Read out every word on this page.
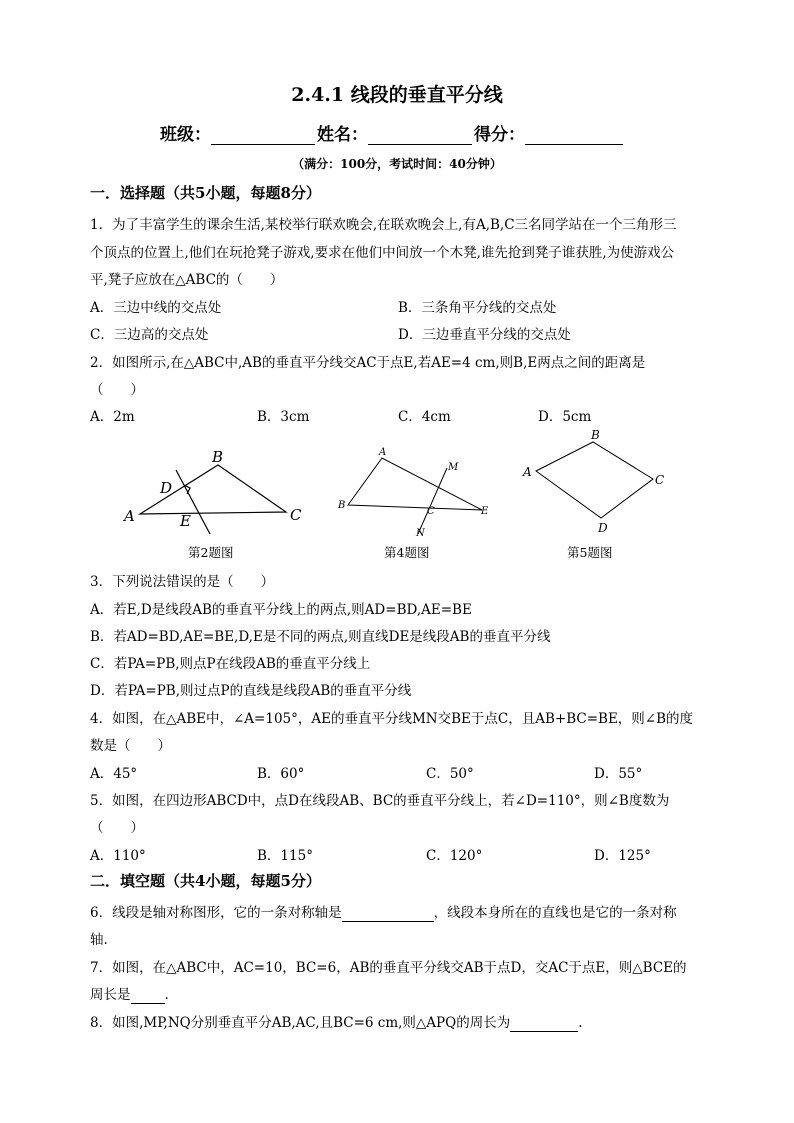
2.4.1 线段的垂直平分线
班级：	姓名：	得分：
（满分：100分，考试时间：40分钟）
一．选择题（共5小题，每题8分）
1．为了丰富学生的课余生活,某校举行联欢晚会,在联欢晚会上,有A,B,C三名同学站在一个三角形三
个顶点的位置上,他们在玩抢凳子游戏,要求在他们中间放一个木凳,谁先抢到凳子谁获胜,为使游戏公
平,凳子应放在△ABC的（　　）
A．三边中线的交点处	B．三条角平分线的交点处
C．三边高的交点处	D．三边垂直平分线的交点处
2．如图所示,在△ABC中,AB的垂直平分线交AC于点E,若AE=4 cm,则B,E两点之间的距离是
（　　）
A．2m	B．3cm	C．4cm	D．5cm
A
B
C
D
E
第2题图
A
B
C	E
M
N
第4题图
A
B
C
D
第5题图
3．下列说法错误的是（　　）
A．若E,D是线段AB的垂直平分线上的两点,则AD=BD,AE=BE
B．若AD=BD,AE=BE,D,E是不同的两点,则直线DE是线段AB的垂直平分线
C．若PA=PB,则点P在线段AB的垂直平分线上
D．若PA=PB,则过点P的直线是线段AB的垂直平分线
4．如图，在△ABE中，∠A=105°，AE的垂直平分线MN交BE于点C，且AB+BC=BE，则∠B的度
数是（　　）
A．45°	B．60°	C．50°	D．55°
5．如图，在四边形ABCD中，点D在线段AB、BC的垂直平分线上，若∠D=110°，则∠B度数为
（　　）
A．110°	B．115°	C．120°	D．125°
二．填空题（共4小题，每题5分）
6．线段是轴对称图形，它的一条对称轴是	，线段本身所在的直线也是它的一条对称
轴.
7．如图，在△ABC中，AC=10，BC=6，AB的垂直平分线交AB于点D，交AC于点E，则△BCE的
周长是	.
8．如图,MP,NQ分别垂直平分AB,AC,且BC=6 cm,则△APQ的周长为	.
